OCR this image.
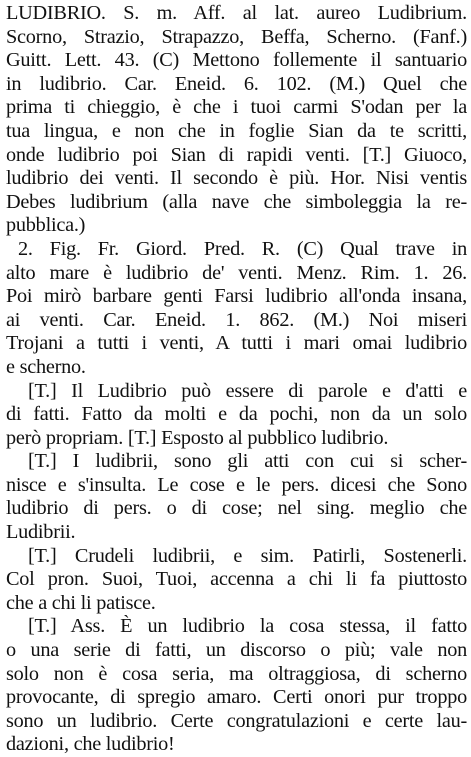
LUDIBRIO. S. m. Aff. al lat. aureo Ludibrium.
Scorno, Strazio, Strapazzo, Beffa, Scherno. (Fanf.)
Guitt. Lett. 43. (C) Mettono follemente il santuario
in ludibrio. Car. Eneid. 6. 102. (M.) Quel che
prima ti chieggio, è che i tuoi carmi S'odan per la
tua lingua, e non che in foglie Sian da te scritti,
onde ludibrio poi Sian di rapidi venti. [T.] Giuoco,
ludibrio dei venti. Il secondo è più. Hor. Nisi ventis
Debes ludibrium (alla nave che simboleggia la re-
pubblica.)
2. Fig. Fr. Giord. Pred. R. (C) Qual trave in
alto mare è ludibrio de' venti. Menz. Rim. 1. 26.
Poi mirò barbare genti Farsi ludibrio all'onda insana,
ai venti. Car. Eneid. 1. 862. (M.) Noi miseri
Trojani a tutti i venti, A tutti i mari omai ludibrio
e scherno.
[T.] Il Ludibrio può essere di parole e d'atti e
di fatti. Fatto da molti e da pochi, non da un solo
però propriam. [T.] Esposto al pubblico ludibrio.
[T.] I ludibrii, sono gli atti con cui si scher-
nisce e s'insulta. Le cose e le pers. dicesi che Sono
ludibrio di pers. o di cose; nel sing. meglio che
Ludibrii.
[T.] Crudeli ludibrii, e sim. Patirli, Sostenerli.
Col pron. Suoi, Tuoi, accenna a chi li fa piuttosto
che a chi li patisce.
[T.] Ass. È un ludibrio la cosa stessa, il fatto
o una serie di fatti, un discorso o più; vale non
solo non è cosa seria, ma oltraggiosa, di scherno
provocante, di spregio amaro. Certi onori pur troppo
sono un ludibrio. Certe congratulazioni e certe lau-
dazioni, che ludibrio!
